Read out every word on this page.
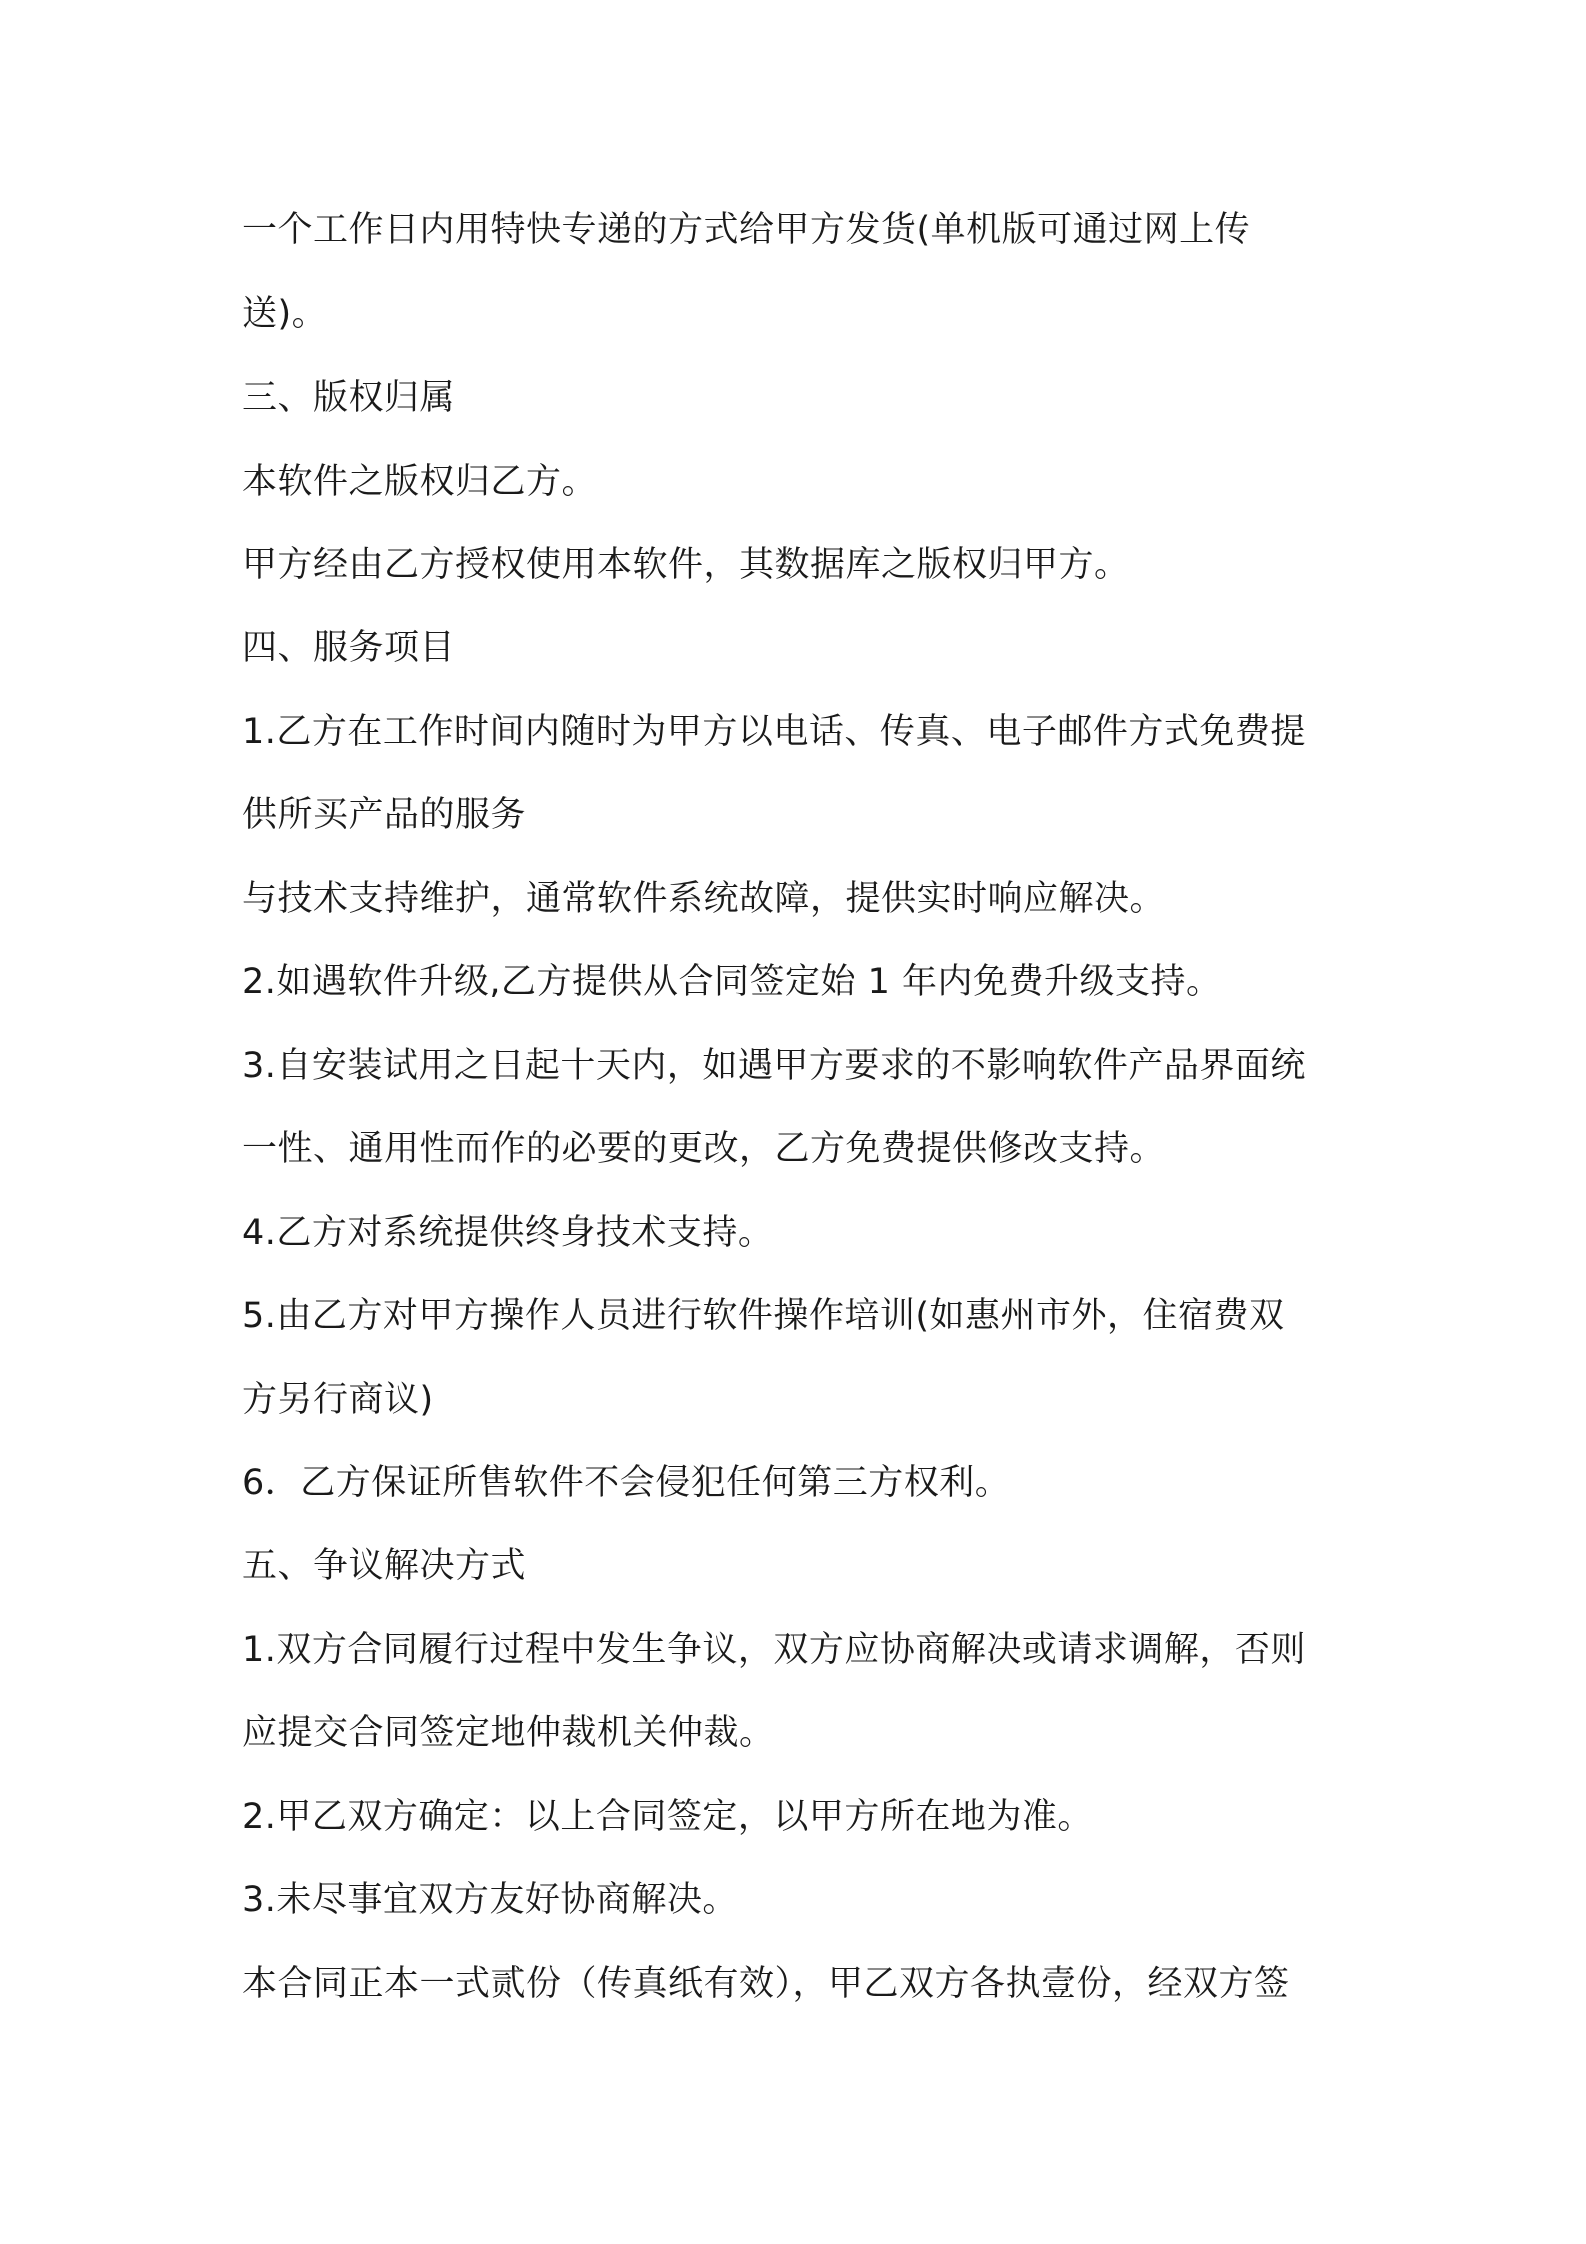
一个工作日内用特快专递的方式给甲方发货(单机版可通过网上传
送)。
三、版权归属
本软件之版权归乙方。
甲方经由乙方授权使用本软件，其数据库之版权归甲方。
四、服务项目
1.乙方在工作时间内随时为甲方以电话、传真、电子邮件方式免费提
供所买产品的服务
与技术支持维护，通常软件系统故障，提供实时响应解决。
2.如遇软件升级,乙方提供从合同签定始 1 年内免费升级支持。
3.自安装试用之日起十天内，如遇甲方要求的不影响软件产品界面统
一性、通用性而作的必要的更改，乙方免费提供修改支持。
4.乙方对系统提供终身技术支持。
5.由乙方对甲方操作人员进行软件操作培训(如惠州市外，住宿费双
方另行商议)
6．乙方保证所售软件不会侵犯任何第三方权利。
五、争议解决方式
1.双方合同履行过程中发生争议，双方应协商解决或请求调解，否则
应提交合同签定地仲裁机关仲裁。
2.甲乙双方确定：以上合同签定，以甲方所在地为准。
3.未尽事宜双方友好协商解决。
本合同正本一式贰份（传真纸有效），甲乙双方各执壹份，经双方签
